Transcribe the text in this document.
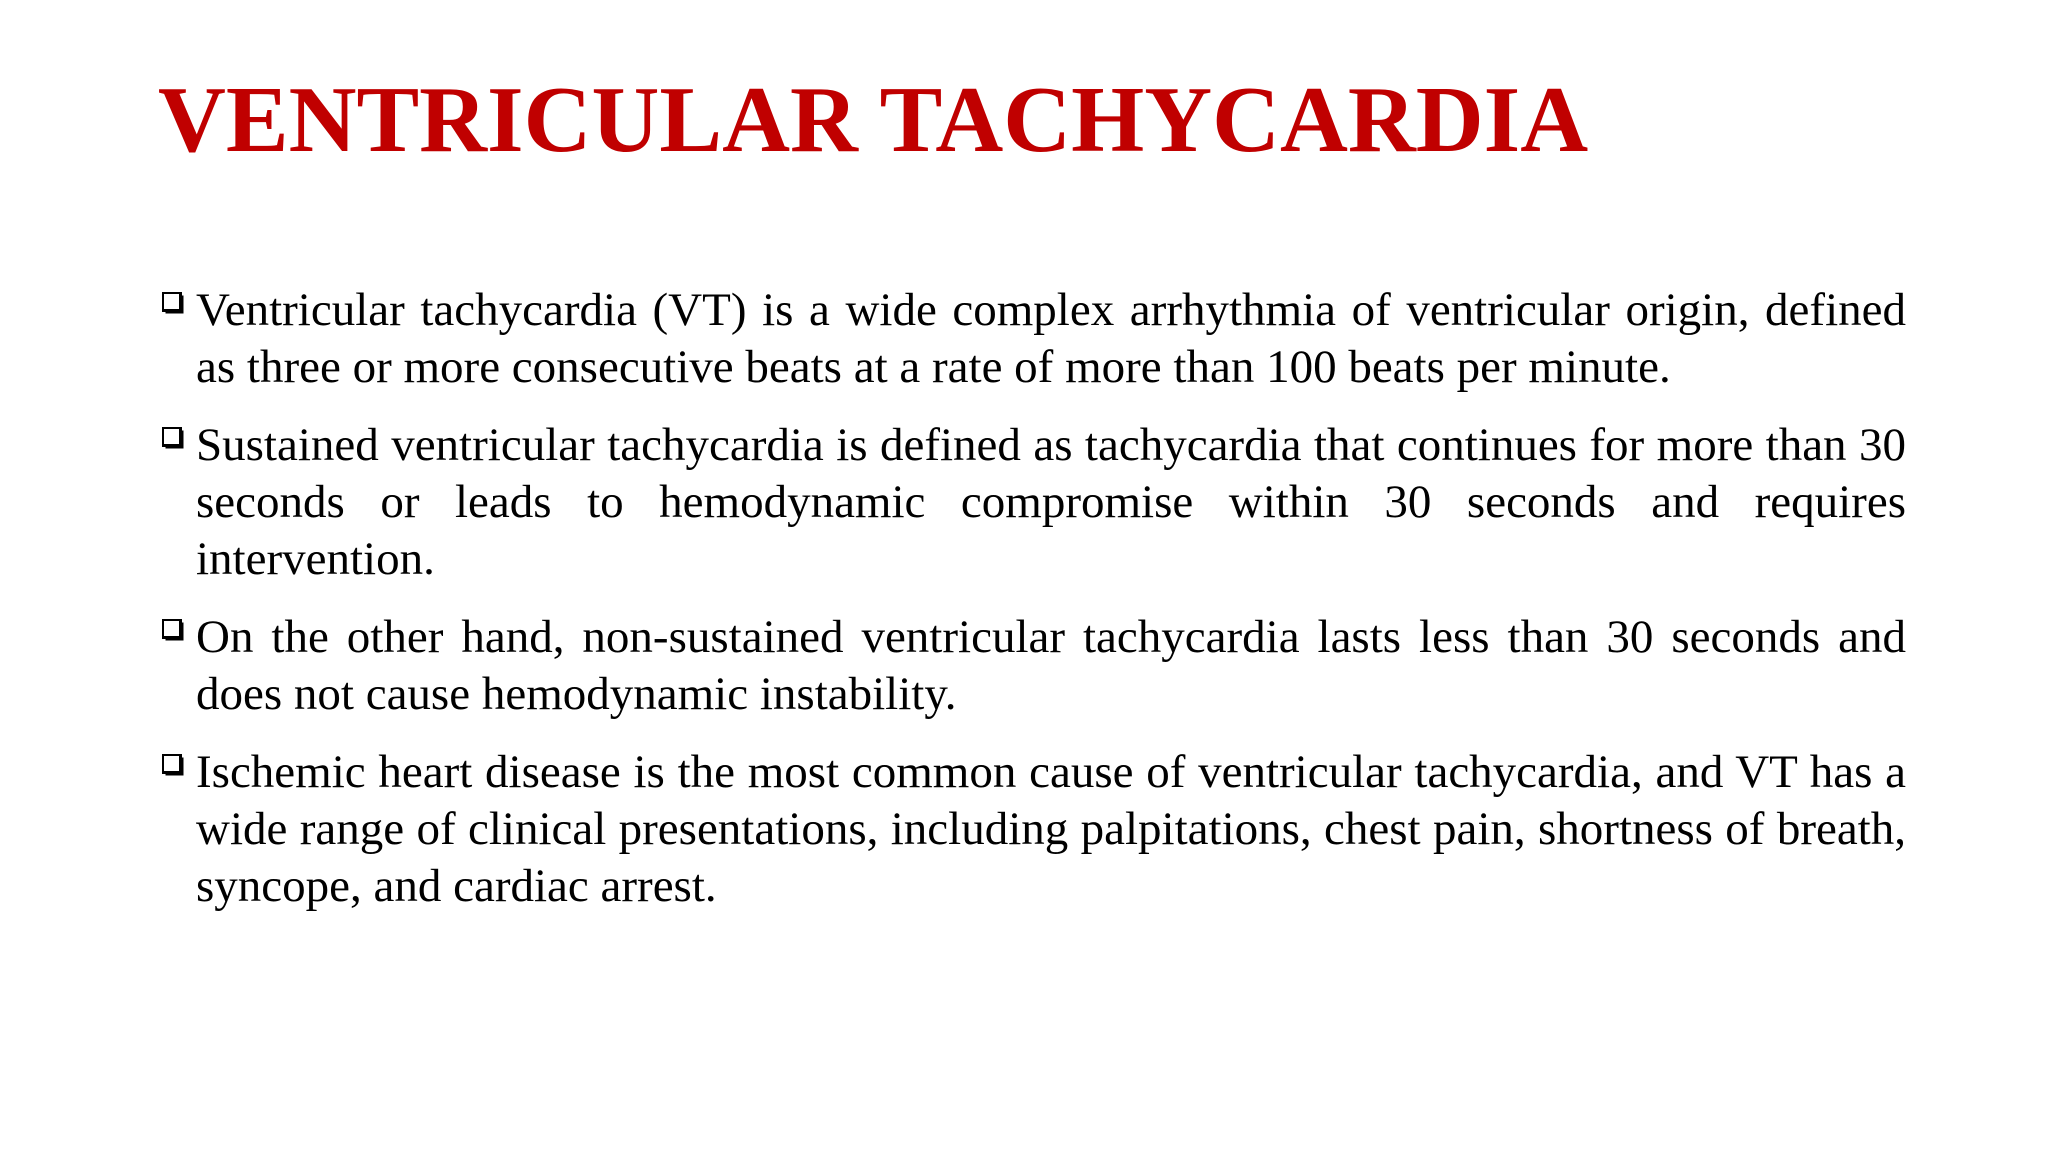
VENTRICULAR TACHYCARDIA
Ventricular tachycardia (VT) is a wide complex arrhythmia of ventricular origin, defined as three or more consecutive beats at a rate of more than 100 beats per minute.
Sustained ventricular tachycardia is defined as tachycardia that continues for more than 30 seconds or leads to hemodynamic compromise within 30 seconds and requires intervention.
On the other hand, non-sustained ventricular tachycardia lasts less than 30 seconds and does not cause hemodynamic instability.
Ischemic heart disease is the most common cause of ventricular tachycardia, and VT has a wide range of clinical presentations, including palpitations, chest pain, shortness of breath, syncope, and cardiac arrest.
